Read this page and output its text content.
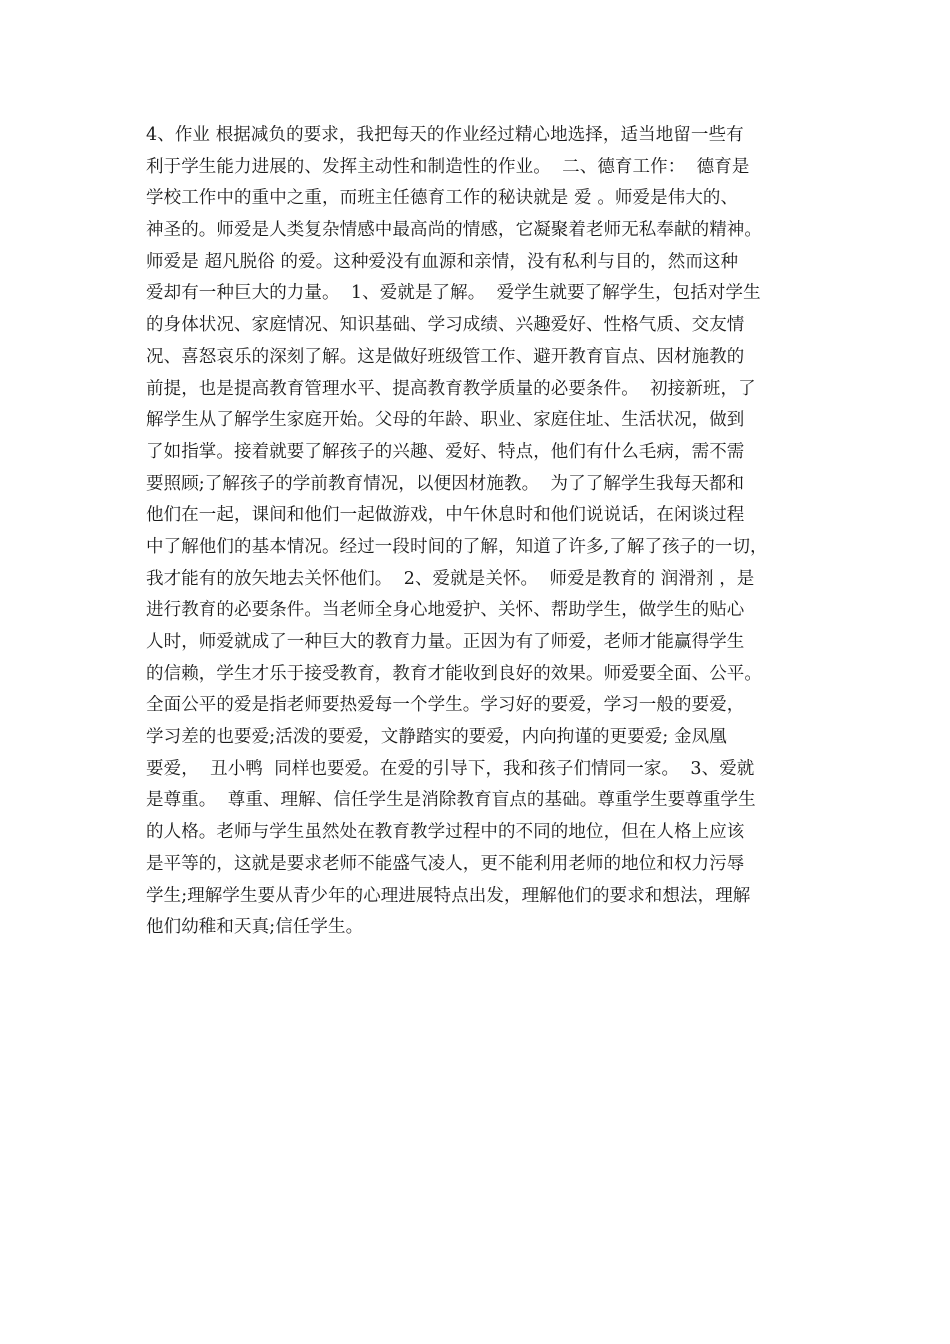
4、作业 根据减负的要求，我把每天的作业经过精心地选择，适当地留一些有
利于学生能力进展的、发挥主动性和制造性的作业。  二、德育工作：  德育是
学校工作中的重中之重，而班主任德育工作的秘诀就是 爱 。师爱是伟大的、
神圣的。师爱是人类复杂情感中最高尚的情感，它凝聚着老师无私奉献的精神。
师爱是 超凡脱俗 的爱。这种爱没有血源和亲情，没有私利与目的，然而这种
爱却有一种巨大的力量。  1、爱就是了解。  爱学生就要了解学生，包括对学生
的身体状况、家庭情况、知识基础、学习成绩、兴趣爱好、性格气质、交友情
况、喜怒哀乐的深刻了解。这是做好班级管工作、避开教育盲点、因材施教的
前提，也是提高教育管理水平、提高教育教学质量的必要条件。  初接新班，了
解学生从了解学生家庭开始。父母的年龄、职业、家庭住址、生活状况，做到
了如指掌。接着就要了解孩子的兴趣、爱好、特点，他们有什么毛病，需不需
要照顾;了解孩子的学前教育情况，以便因材施教。  为了了解学生我每天都和
他们在一起，课间和他们一起做游戏，中午休息时和他们说说话，在闲谈过程
中了解他们的基本情况。经过一段时间的了解，知道了许多,了解了孩子的一切，
我才能有的放矢地去关怀他们。  2、爱就是关怀。  师爱是教育的 润滑剂 ，是
进行教育的必要条件。当老师全身心地爱护、关怀、帮助学生，做学生的贴心
人时，师爱就成了一种巨大的教育力量。正因为有了师爱，老师才能赢得学生
的信赖，学生才乐于接受教育，教育才能收到良好的效果。师爱要全面、公平。
全面公平的爱是指老师要热爱每一个学生。学习好的要爱，学习一般的要爱，
学习差的也要爱;活泼的要爱，文静踏实的要爱，内向拘谨的更要爱; 金凤凰
要爱，  丑小鸭  同样也要爱。在爱的引导下，我和孩子们情同一家。  3、爱就
是尊重。  尊重、理解、信任学生是消除教育盲点的基础。尊重学生要尊重学生
的人格。老师与学生虽然处在教育教学过程中的不同的地位，但在人格上应该
是平等的，这就是要求老师不能盛气凌人，更不能利用老师的地位和权力污辱
学生;理解学生要从青少年的心理进展特点出发，理解他们的要求和想法，理解
他们幼稚和天真;信任学生。
